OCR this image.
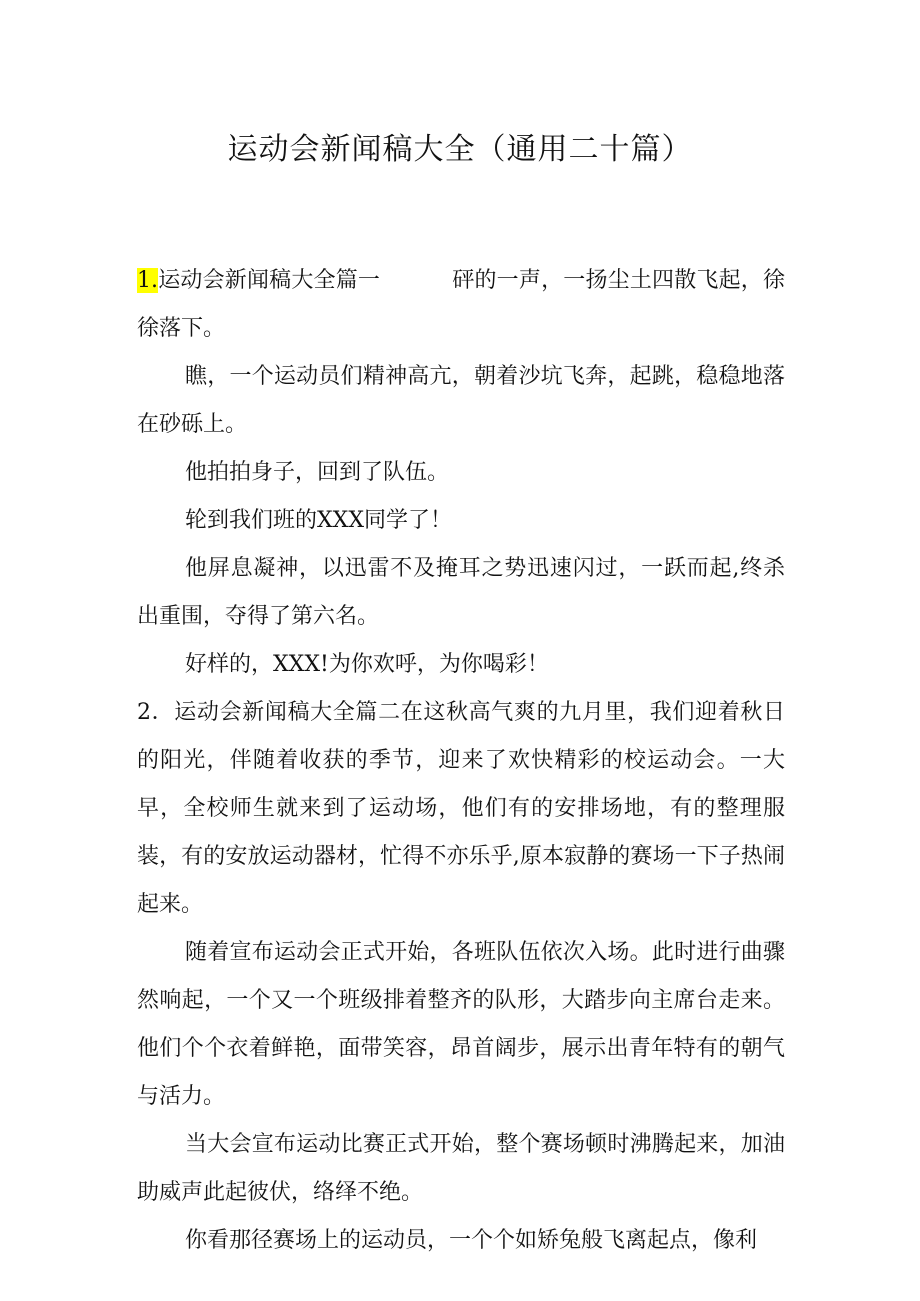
运动会新闻稿大全（通用二十篇）

1.运动会新闻稿大全篇一	砰的一声，一扬尘土四散飞起，徐徐落下。

瞧，一个运动员们精神高亢，朝着沙坑飞奔，起跳，稳稳地落在砂砾上。

他拍拍身子，回到了队伍。

轮到我们班的XXX同学了！

他屏息凝神，以迅雷不及掩耳之势迅速闪过，一跃而起,终杀出重围，夺得了第六名。

好样的，XXX!为你欢呼，为你喝彩！

2．运动会新闻稿大全篇二在这秋高气爽的九月里，我们迎着秋日的阳光，伴随着收获的季节，迎来了欢快精彩的校运动会。一大早，全校师生就来到了运动场，他们有的安排场地，有的整理服装，有的安放运动器材，忙得不亦乐乎,原本寂静的赛场一下子热闹起来。

随着宣布运动会正式开始，各班队伍依次入场。此时进行曲骤然响起，一个又一个班级排着整齐的队形，大踏步向主席台走来。他们个个衣着鲜艳，面带笑容，昂首阔步，展示出青年特有的朝气与活力。

当大会宣布运动比赛正式开始，整个赛场顿时沸腾起来，加油助威声此起彼伏，络绎不绝。

你看那径赛场上的运动员，一个个如矫兔般飞离起点，像利
